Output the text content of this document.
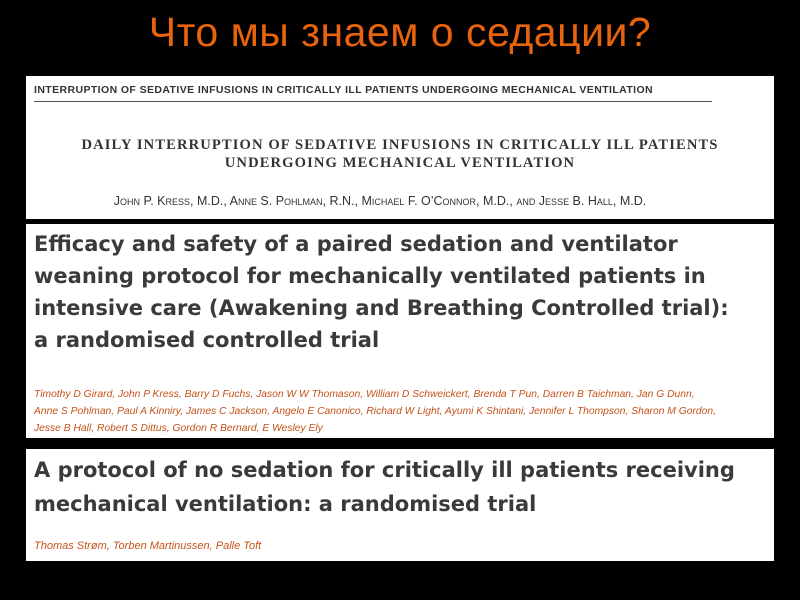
Что мы знаем о седации?
INTERRUPTION OF SEDATIVE INFUSIONS IN CRITICALLY ILL PATIENTS UNDERGOING MECHANICAL VENTILATION
DAILY INTERRUPTION OF SEDATIVE INFUSIONS IN CRITICALLY ILL PATIENTS
UNDERGOING MECHANICAL VENTILATION
John P. Kress, M.D., Anne S. Pohlman, R.N., Michael F. O’Connor, M.D., and Jesse B. Hall, M.D.
Efficacy and safety of a paired sedation and ventilator
weaning protocol for mechanically ventilated patients in
intensive care (Awakening and Breathing Controlled trial):
a randomised controlled trial
Timothy D Girard, John P Kress, Barry D Fuchs, Jason W W Thomason, William D Schweickert, Brenda T Pun, Darren B Taichman, Jan G Dunn,
Anne S Pohlman, Paul A Kinniry, James C Jackson, Angelo E Canonico, Richard W Light, Ayumi K Shintani, Jennifer L Thompson, Sharon M Gordon,
Jesse B Hall, Robert S Dittus, Gordon R Bernard, E Wesley Ely
A protocol of no sedation for critically ill patients receiving
mechanical ventilation: a randomised trial
Thomas Strøm, Torben Martinussen, Palle Toft
